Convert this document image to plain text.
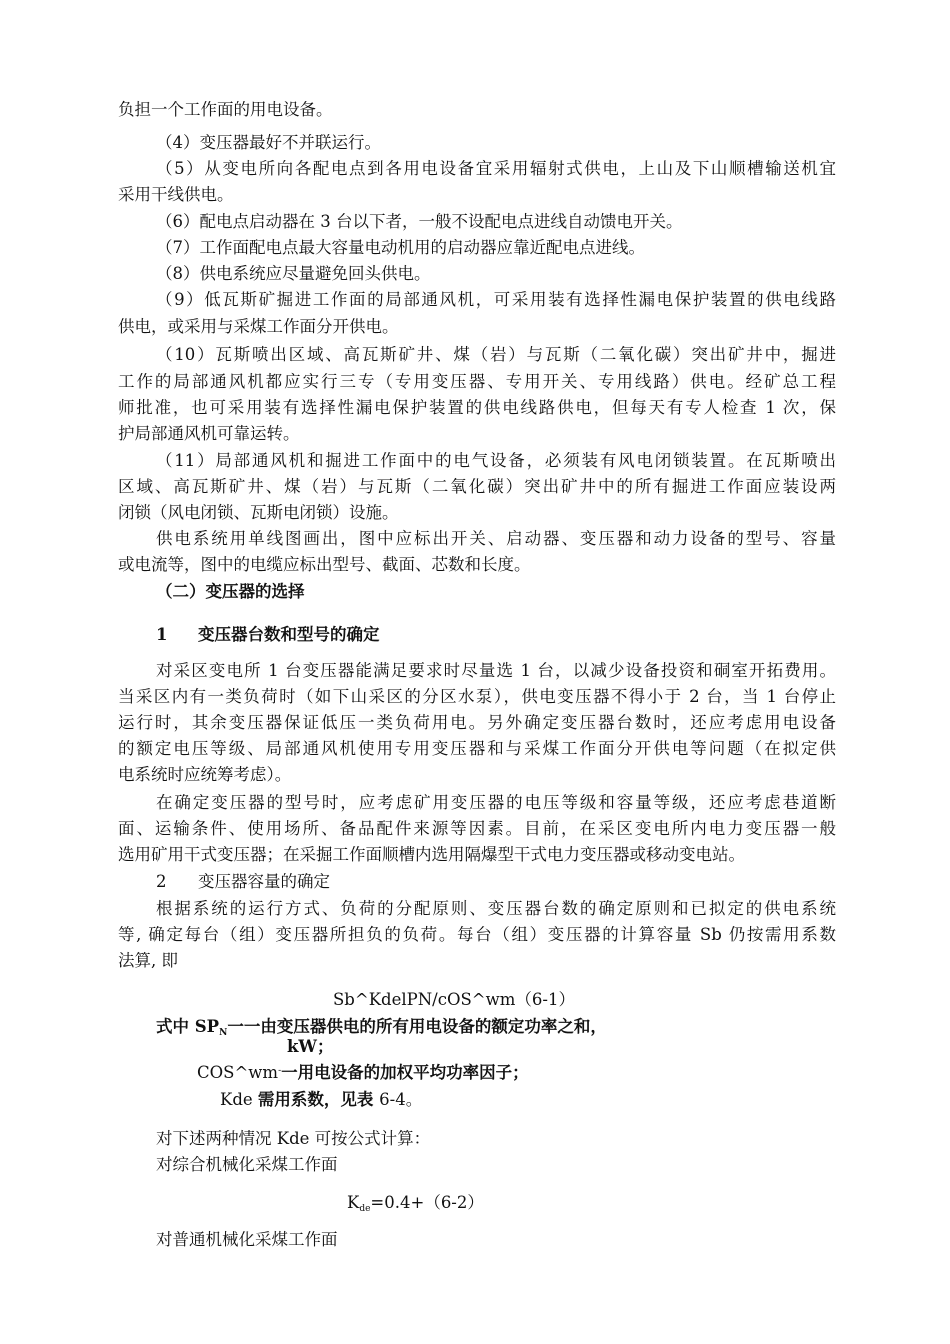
负担一个工作面的用电设备。
（4）变压器最好不并联运行。
（5）从变电所向各配电点到各用电设备宜采用辐射式供电，上山及下山顺槽输送机宜
采用干线供电。
（6）配电点启动器在 3 台以下者，一般不设配电点进线自动馈电开关。
（7）工作面配电点最大容量电动机用的启动器应靠近配电点进线。
（8）供电系统应尽量避免回头供电。
（9）低瓦斯矿掘进工作面的局部通风机，可采用装有选择性漏电保护装置的供电线路
供电，或采用与采煤工作面分开供电。
（10）瓦斯喷出区域、高瓦斯矿井、煤（岩）与瓦斯（二氧化碳）突出矿井中，掘进
工作的局部通风机都应实行三专（专用变压器、专用开关、专用线路）供电。经矿总工程
师批准，也可采用装有选择性漏电保护装置的供电线路供电，但每天有专人检查 1 次，保
护局部通风机可靠运转。
（11）局部通风机和掘进工作面中的电气设备，必须装有风电闭锁装置。在瓦斯喷出
区域、高瓦斯矿井、煤（岩）与瓦斯（二氧化碳）突出矿井中的所有掘进工作面应装设两
闭锁（风电闭锁、瓦斯电闭锁）设施。
供电系统用单线图画出，图中应标出开关、启动器、变压器和动力设备的型号、容量
或电流等，图中的电缆应标出型号、截面、芯数和长度。
（二）变压器的选择
1 变压器台数和型号的确定
对采区变电所 1 台变压器能满足要求时尽量选 1 台，以减少设备投资和硐室开拓费用。
当采区内有一类负荷时（如下山采区的分区水泵），供电变压器不得小于 2 台，当 1 台停止
运行时，其余变压器保证低压一类负荷用电。另外确定变压器台数时，还应考虑用电设备
的额定电压等级、局部通风机使用专用变压器和与采煤工作面分开供电等问题（在拟定供
电系统时应统筹考虑）。
在确定变压器的型号时，应考虑矿用变压器的电压等级和容量等级，还应考虑巷道断
面、运输条件、使用场所、备品配件来源等因素。目前，在采区变电所内电力变压器一般
选用矿用干式变压器；在采掘工作面顺槽内选用隔爆型干式电力变压器或移动变电站。
2 变压器容量的确定
根据系统的运行方式、负荷的分配原则、变压器台数的确定原则和已拟定的供电系统
等, 确定每台（组）变压器所担负的负荷。每台（组）变压器的计算容量 Sb 仍按需用系数
法算, 即
Sb^KdelPN/cOS^wm（6-1）
式中 $SP_N$一一由变压器供电的所有用电设备的额定功率之和，
kW；
COS^wm-一用电设备的加权平均功率因子；
Kde 需用系数，见表 6-4。
对下述两种情况 Kde 可按公式计算：
对综合机械化采煤工作面
$K_{de}=0.4+(6-2)$
对普通机械化采煤工作面
